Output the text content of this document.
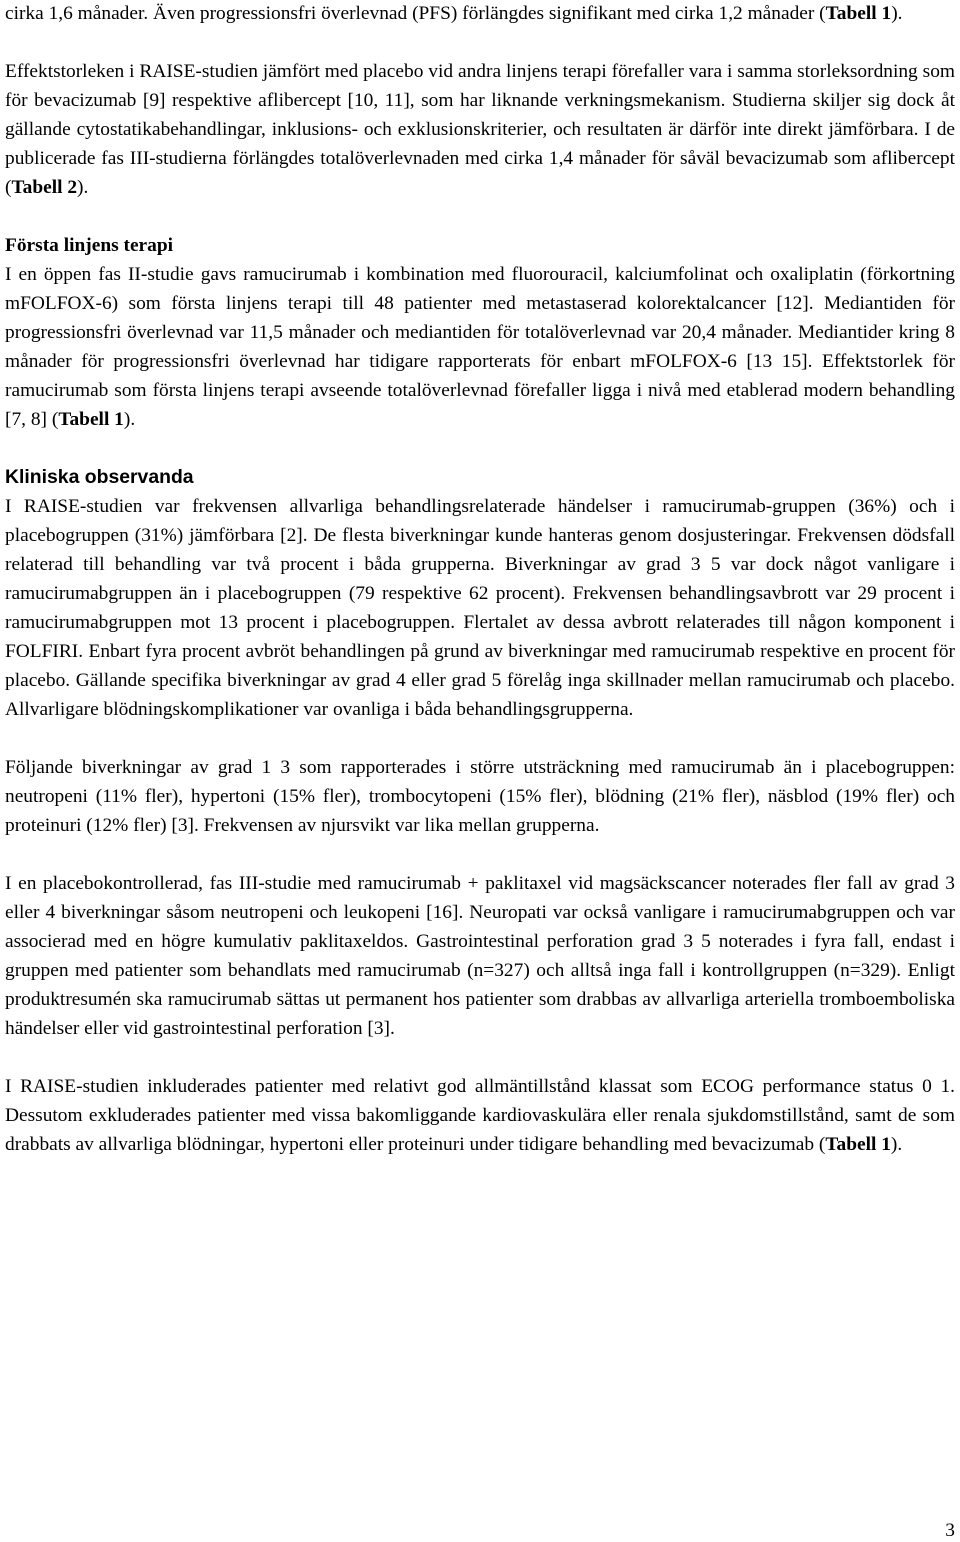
cirka 1,6 månader. Även progressionsfri överlevnad (PFS) förlängdes signifikant med cirka 1,2 månader (Tabell 1).

Effektstorleken i RAISE-studien jämfört med placebo vid andra linjens terapi förefaller vara i samma storleksordning som för bevacizumab [9] respektive aflibercept [10, 11], som har liknande verkningsmekanism. Studierna skiljer sig dock åt gällande cytostatikabehandlingar, inklusions- och exklusionskriterier, och resultaten är därför inte direkt jämförbara. I de publicerade fas III-studierna förlängdes totalöverlevnaden med cirka 1,4 månader för såväl bevacizumab som aflibercept (Tabell 2).

Första linjens terapi

I en öppen fas II-studie gavs ramucirumab i kombination med fluorouracil, kalciumfolinat och oxaliplatin (förkortning mFOLFOX-6) som första linjens terapi till 48 patienter med metastaserad kolorektalcancer [12]. Mediantiden för progressionsfri överlevnad var 11,5 månader och mediantiden för totalöverlevnad var 20,4 månader. Mediantider kring 8 månader för progressionsfri överlevnad har tidigare rapporterats för enbart mFOLFOX-6 [13 15]. Effektstorlek för ramucirumab som första linjens terapi avseende totalöverlevnad förefaller ligga i nivå med etablerad modern behandling [7, 8] (Tabell 1).

Kliniska observanda

I RAISE-studien var frekvensen allvarliga behandlingsrelaterade händelser i ramucirumab-gruppen (36%) och i placebogruppen (31%) jämförbara [2]. De flesta biverkningar kunde hanteras genom dosjusteringar. Frekvensen dödsfall relaterad till behandling var två procent i båda grupperna. Biverkningar av grad 3 5 var dock något vanligare i ramucirumabgruppen än i placebogruppen (79 respektive 62 procent). Frekvensen behandlingsavbrott var 29 procent i ramucirumabgruppen mot 13 procent i placebogruppen. Flertalet av dessa avbrott relaterades till någon komponent i FOLFIRI. Enbart fyra procent avbröt behandlingen på grund av biverkningar med ramucirumab respektive en procent för placebo. Gällande specifika biverkningar av grad 4 eller grad 5 förelåg inga skillnader mellan ramucirumab och placebo. Allvarligare blödningskomplikationer var ovanliga i båda behandlingsgrupperna.

Följande biverkningar av grad 1 3 som rapporterades i större utsträckning med ramucirumab än i placebogruppen: neutropeni (11% fler), hypertoni (15% fler), trombocytopeni (15% fler), blödning (21% fler), näsblod (19% fler) och proteinuri (12% fler) [3]. Frekvensen av njursvikt var lika mellan grupperna.

I en placebokontrollerad, fas III-studie med ramucirumab + paklitaxel vid magsäckscancer noterades fler fall av grad 3 eller 4 biverkningar såsom neutropeni och leukopeni [16]. Neuropati var också vanligare i ramucirumabgruppen och var associerad med en högre kumulativ paklitaxeldos. Gastrointestinal perforation grad 3 5 noterades i fyra fall, endast i gruppen med patienter som behandlats med ramucirumab (n=327) och alltså inga fall i kontrollgruppen (n=329). Enligt produktresumén ska ramucirumab sättas ut permanent hos patienter som drabbas av allvarliga arteriella tromboemboliska händelser eller vid gastrointestinal perforation [3].

I RAISE-studien inkluderades patienter med relativt god allmäntillstånd klassat som ECOG performance status 0 1. Dessutom exkluderades patienter med vissa bakomliggande kardiovaskulära eller renala sjukdomstillstånd, samt de som drabbats av allvarliga blödningar, hypertoni eller proteinuri under tidigare behandling med bevacizumab (Tabell 1).

3
